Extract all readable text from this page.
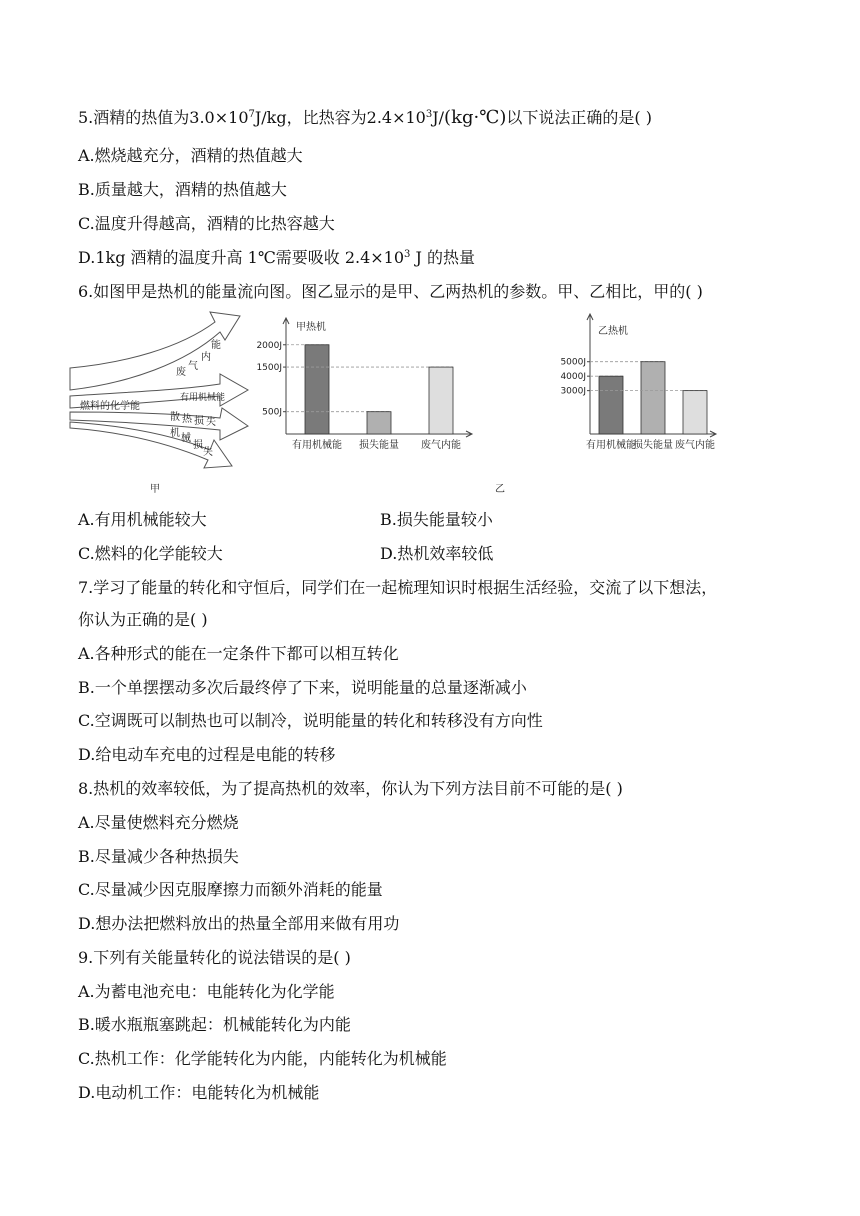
5.酒精的热值为$3.0\times 10^7J/kg$，比热容为$2.4\times 10^3J/(kg\cdot℃)$以下说法正确的是( )
A.燃烧越充分，酒精的热值越大
B.质量越大，酒精的热值越大
C.温度升得越高，酒精的比热容越大
D.1kg 酒精的温度升高 1℃需要吸收 $2.4\times 10^3$ J 的热量
6.如图甲是热机的能量流向图。图乙显示的是甲、乙两热机的参数。甲、乙相比，甲的( )
燃料的化学能
废
气
内
能
有用机械能
散 热 损 失
机 械
损
失
甲
甲热机
2000J
1500J
500J
有用机械能 损失能量 废气内能
乙热机
5000J
4000J
3000J
有用机械能
损失能量 废气内能
乙
A.有用机械能较大	B.损失能量较小
C.燃料的化学能较大	D.热机效率较低
7.学习了能量的转化和守恒后，同学们在一起梳理知识时根据生活经验，交流了以下想法，
你认为正确的是( )
A.各种形式的能在一定条件下都可以相互转化
B.一个单摆摆动多次后最终停了下来，说明能量的总量逐渐减小
C.空调既可以制热也可以制冷，说明能量的转化和转移没有方向性
D.给电动车充电的过程是电能的转移
8.热机的效率较低，为了提高热机的效率，你认为下列方法目前不可能的是( )
A.尽量使燃料充分燃烧
B.尽量减少各种热损失
C.尽量减少因克服摩擦力而额外消耗的能量
D.想办法把燃料放出的热量全部用来做有用功
9.下列有关能量转化的说法错误的是( )
A.为蓄电池充电：电能转化为化学能
B.暖水瓶瓶塞跳起：机械能转化为内能
C.热机工作：化学能转化为内能，内能转化为机械能
D.电动机工作：电能转化为机械能
